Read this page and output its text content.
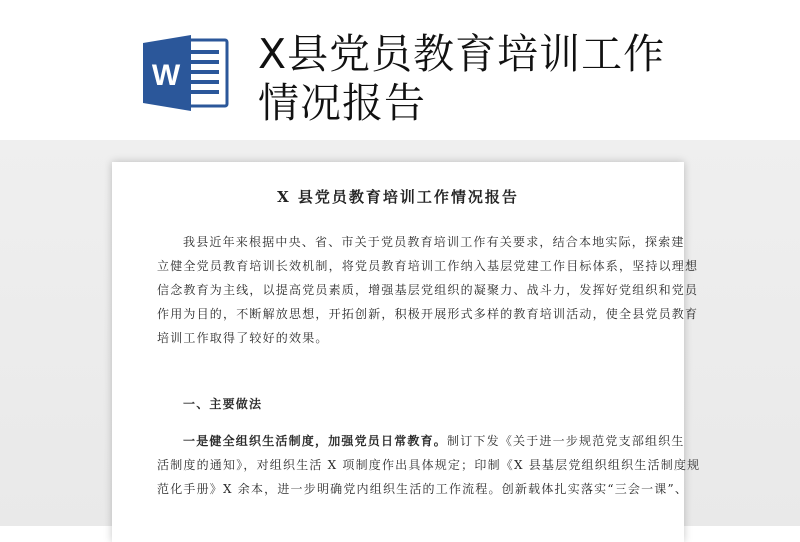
W X县党员教育培训工作情况报告
X 县党员教育培训工作情况报告
我县近年来根据中央、省、市关于党员教育培训工作有关要求，结合本地实际，探索建
立健全党员教育培训长效机制，将党员教育培训工作纳入基层党建工作目标体系，坚持以理想
信念教育为主线，以提高党员素质，增强基层党组织的凝聚力、战斗力，发挥好党组织和党员
作用为目的，不断解放思想，开拓创新，积极开展形式多样的教育培训活动，使全县党员教育
培训工作取得了较好的效果。
一、主要做法
一是健全组织生活制度，加强党员日常教育。制订下发《关于进一步规范党支部组织生
活制度的通知》，对组织生活 X 项制度作出具体规定；印制《X 县基层党组织组织生活制度规
范化手册》X 余本，进一步明确党内组织生活的工作流程。创新载体扎实落实“三会一课”、
